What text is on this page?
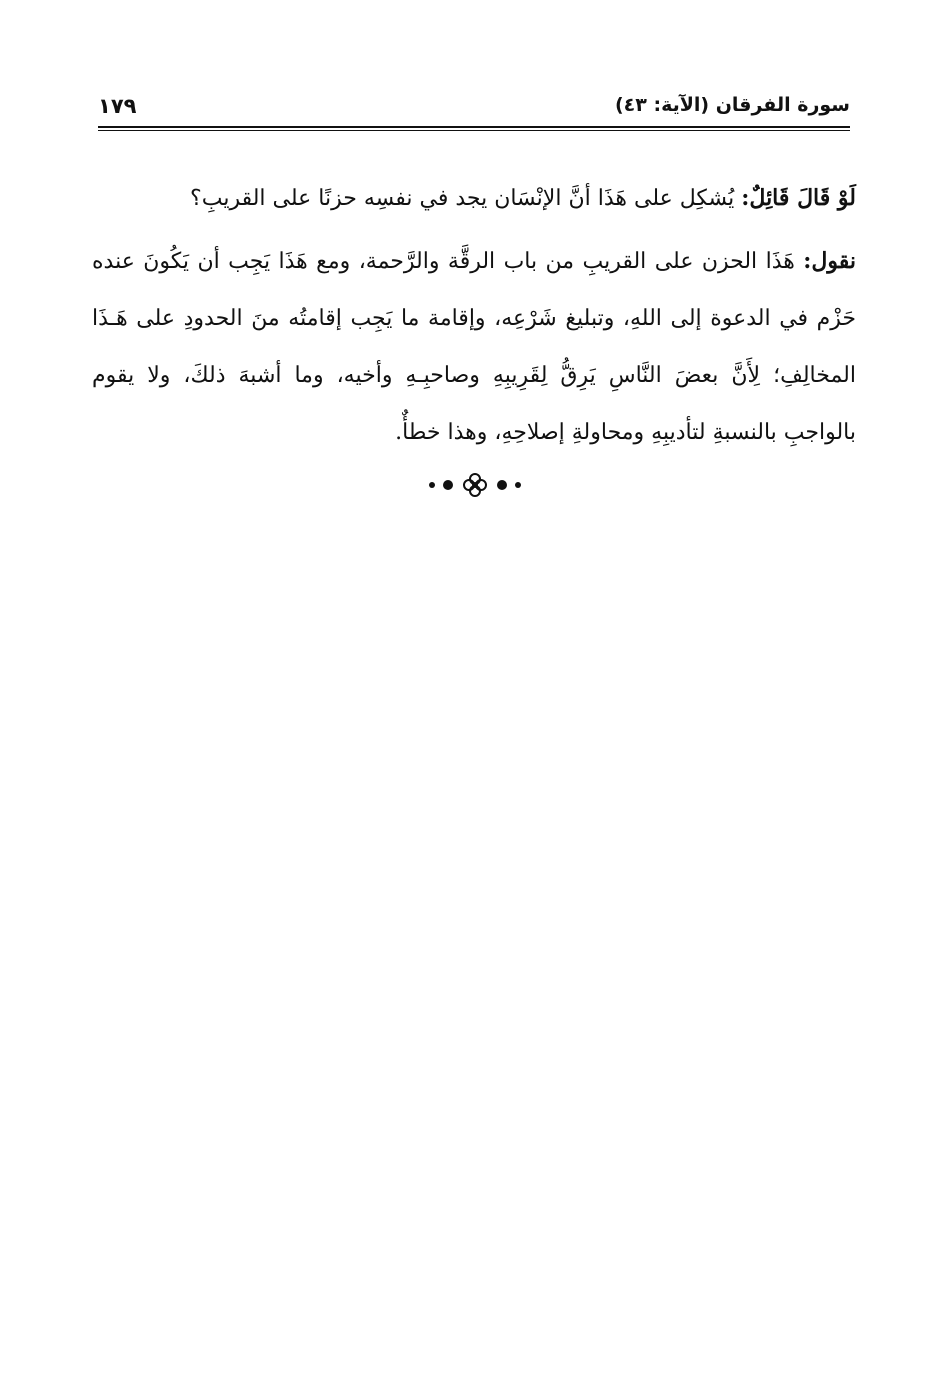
سورة الفرقان (الآية: ٤٣)
١٧٩

لَوْ قَالَ قَائِلٌ: يُشكِل على هَذَا أنَّ الإنْسَان يجد في نفسِه حزنًا على القريبِ؟

نقول: هَذَا الحزن على القريبِ من باب الرقَّة والرَّحمة، ومع هَذَا يَجِب أن يَكُونَ عنده حَزْم في الدعوة إلى اللهِ، وتبليغ شَرْعِه، وإقامة ما يَجِب إقامتُه منَ الحدودِ على هَـذَا المخالِفِ؛ لِأَنَّ بعضَ النَّاسِ يَرِقُّ لِقَرِيبِهِ وصاحبِـهِ وأخيه، وما أشبهَ ذلكَ، ولا يقوم بالواجبِ بالنسبةِ لتأديبِهِ ومحاولةِ إصلاحِهِ، وهذا خطأٌ.
